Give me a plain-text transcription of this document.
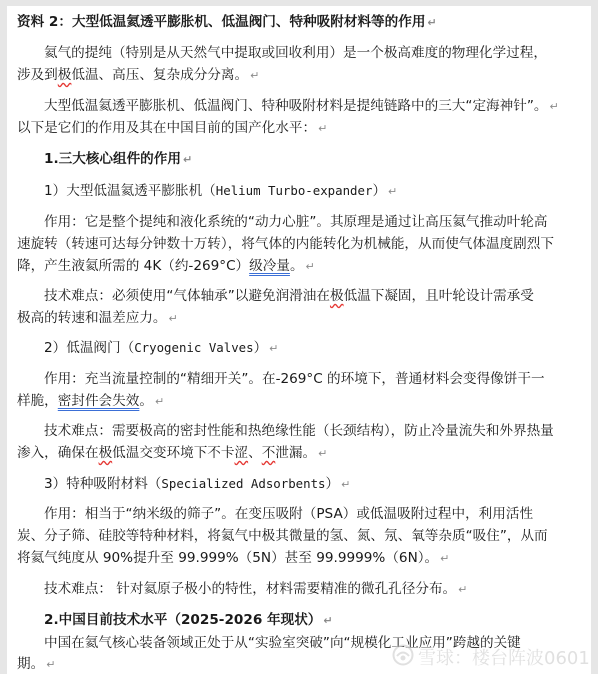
资料 2：大型低温氦透平膨胀机、低温阀门、特种吸附材料等的作用 ↵
氦气的提纯（特别是从天然气中提取或回收利用）是一个极高难度的物理化学过程，
涉及到极低温、高压、复杂成分分离。 ↵
大型低温氦透平膨胀机、低温阀门、特种吸附材料是提纯链路中的三大“定海神针”。 ↵
以下是它们的作用及其在中国目前的国产化水平： ↵
1.三大核心组件的作用 ↵
1）大型低温氦透平膨胀机（Helium Turbo-expander） ↵
作用：它是整个提纯和液化系统的“动力心脏”。其原理是通过让高压氦气推动叶轮高
速旋转（转速可达每分钟数十万转），将气体的内能转化为机械能，从而使气体温度剧烈下
降，产生液氦所需的 4K（约-269°C）级冷量。 ↵
技术难点：必须使用“气体轴承”以避免润滑油在极低温下凝固，且叶轮设计需承受
极高的转速和温差应力。 ↵
2）低温阀门（Cryogenic Valves） ↵
作用：充当流量控制的“精细开关”。在-269°C 的环境下，普通材料会变得像饼干一
样脆，密封件会失效。 ↵
技术难点：需要极高的密封性能和热绝缘性能（长颈结构），防止冷量流失和外界热量
渗入，确保在极低温交变环境下不卡涩、不泄漏。 ↵
3）特种吸附材料（Specialized Adsorbents） ↵
作用：相当于“纳米级的筛子”。在变压吸附（PSA）或低温吸附过程中，利用活性
炭、分子筛、硅胶等特种材料，将氦气中极其微量的氢、氮、氖、氧等杂质“吸住”，从而
将氦气纯度从 90%提升至 99.999%（5N）甚至 99.9999%（6N）。 ↵
技术难点： 针对氦原子极小的特性，材料需要精准的微孔孔径分布。 ↵
2.中国目前技术水平（2025-2026 年现状） ↵
中国在氦气核心装备领域正处于从“实验室突破”向“规模化工业应用”跨越的关键
期。 ↵	雪球：楼台阵波0601
